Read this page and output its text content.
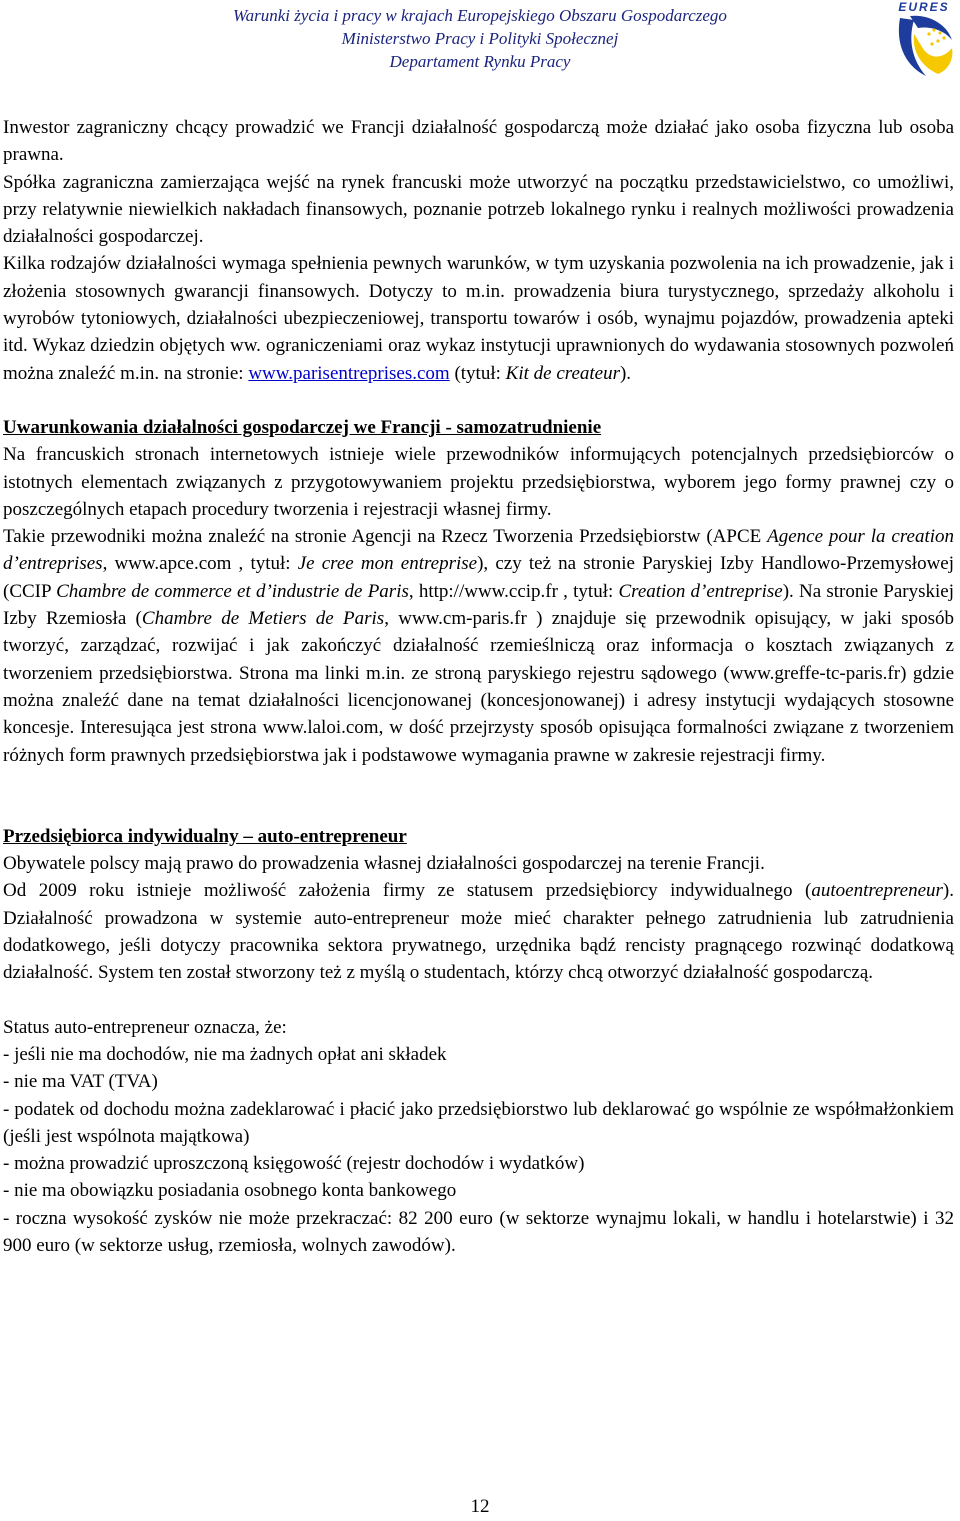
Warunki życia i pracy w krajach Europejskiego Obszaru Gospodarczego
Ministerstwo Pracy i Polityki Społecznej
Departament Rynku Pracy
EURES

Inwestor zagraniczny chcący prowadzić we Francji działalność gospodarczą może działać jako osoba fizyczna lub osoba prawna.

Spółka zagraniczna zamierzająca wejść na rynek francuski może utworzyć na początku przedstawicielstwo, co umożliwi, przy relatywnie niewielkich nakładach finansowych, poznanie potrzeb lokalnego rynku i realnych możliwości prowadzenia działalności gospodarczej.

Kilka rodzajów działalności wymaga spełnienia pewnych warunków, w tym uzyskania pozwolenia na ich prowadzenie, jak i złożenia stosownych gwarancji finansowych. Dotyczy to m.in. prowadzenia biura turystycznego, sprzedaży alkoholu i wyrobów tytoniowych, działalności ubezpieczeniowej, transportu towarów i osób, wynajmu pojazdów, prowadzenia apteki itd. Wykaz dziedzin objętych ww. ograniczeniami oraz wykaz instytucji uprawnionych do wydawania stosownych pozwoleń można znaleźć m.in. na stronie: www.parisentreprises.com (tytuł: Kit de createur).

Uwarunkowania działalności gospodarczej we Francji - samozatrudnienie

Na francuskich stronach internetowych istnieje wiele przewodników informujących potencjalnych przedsiębiorców o istotnych elementach związanych z przygotowywaniem projektu przedsiębiorstwa, wyborem jego formy prawnej czy o poszczególnych etapach procedury tworzenia i rejestracji własnej firmy.

Takie przewodniki można znaleźć na stronie Agencji na Rzecz Tworzenia Przedsiębiorstw (APCE Agence pour la creation d’entreprises, www.apce.com , tytuł: Je cree mon entreprise), czy też na stronie Paryskiej Izby Handlowo-Przemysłowej (CCIP Chambre de commerce et d’industrie de Paris, http://www.ccip.fr , tytuł: Creation d’entreprise). Na stronie Paryskiej Izby Rzemiosła (Chambre de Metiers de Paris, www.cm-paris.fr ) znajduje się przewodnik opisujący, w jaki sposób tworzyć, zarządzać, rozwijać i jak zakończyć działalność rzemieślniczą oraz informacja o kosztach związanych z tworzeniem przedsiębiorstwa. Strona ma linki m.in. ze stroną paryskiego rejestru sądowego (www.greffe-tc-paris.fr) gdzie można znaleźć dane na temat działalności licencjonowanej (koncesjonowanej) i adresy instytucji wydających stosowne koncesje. Interesująca jest strona www.laloi.com, w dość przejrzysty sposób opisująca formalności związane z tworzeniem różnych form prawnych przedsiębiorstwa jak i podstawowe wymagania prawne w zakresie rejestracji firmy.

Przedsiębiorca indywidualny – auto-entrepreneur

Obywatele polscy mają prawo do prowadzenia własnej działalności gospodarczej na terenie Francji.

Od 2009 roku istnieje możliwość założenia firmy ze statusem przedsiębiorcy indywidualnego (autoentrepreneur). Działalność prowadzona w systemie auto-entrepreneur może mieć charakter pełnego zatrudnienia lub zatrudnienia dodatkowego, jeśli dotyczy pracownika sektora prywatnego, urzędnika bądź rencisty pragnącego rozwinąć dodatkową działalność. System ten został stworzony też z myślą o studentach, którzy chcą otworzyć działalność gospodarczą.

Status auto-entrepreneur oznacza, że:

- jeśli nie ma dochodów, nie ma żadnych opłat ani składek

- nie ma VAT (TVA)

- podatek od dochodu można zadeklarować i płacić jako przedsiębiorstwo lub deklarować go wspólnie ze współmałżonkiem (jeśli jest wspólnota majątkowa)

- można prowadzić uproszczoną księgowość (rejestr dochodów i wydatków)

- nie ma obowiązku posiadania osobnego konta bankowego

- roczna wysokość zysków nie może przekraczać: 82 200 euro (w sektorze wynajmu lokali, w handlu i hotelarstwie) i 32 900 euro (w sektorze usług, rzemiosła, wolnych zawodów).

12
